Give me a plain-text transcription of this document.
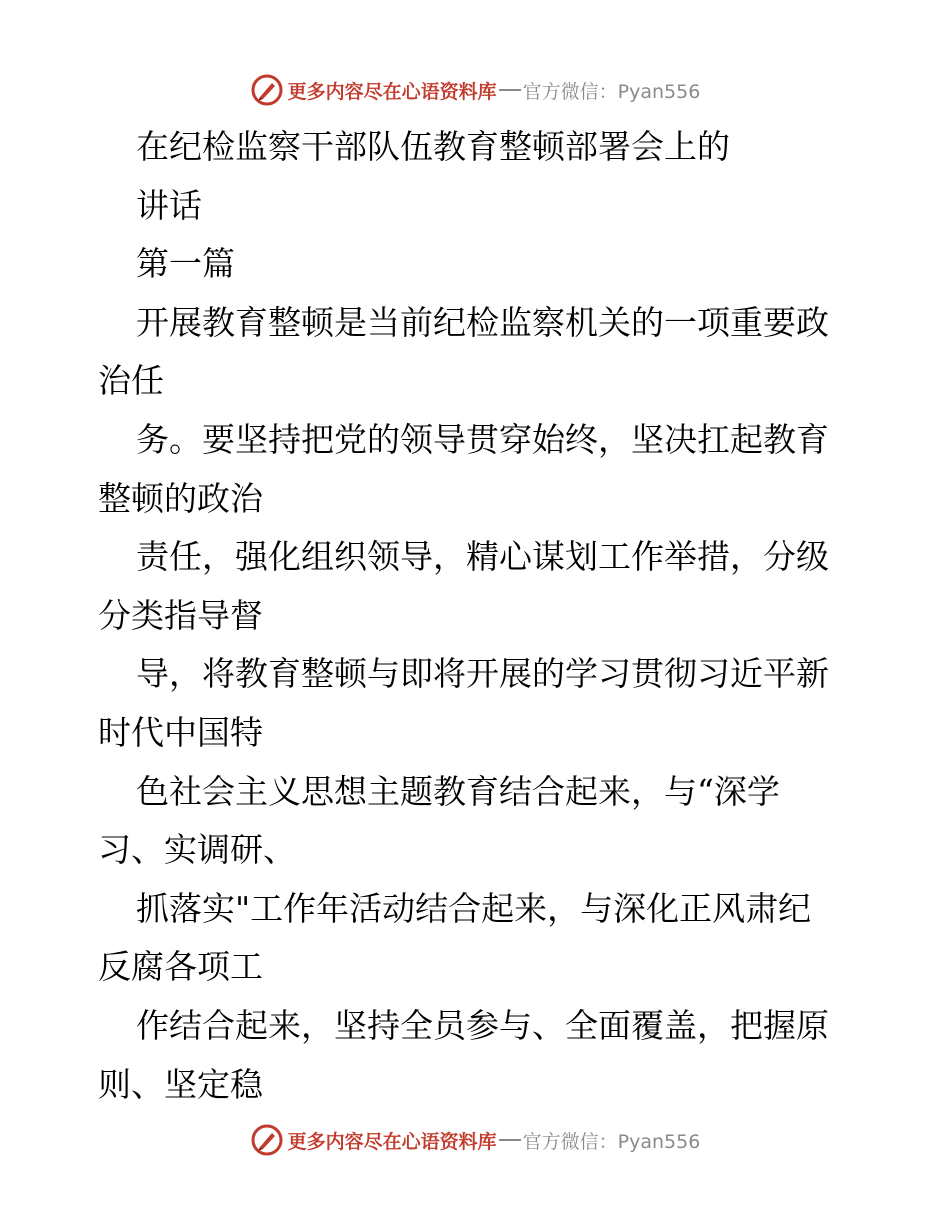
更多内容尽在心语资料库 官方微信：Pyan556
在纪检监察干部队伍教育整顿部署会上的
讲话
第一篇
开展教育整顿是当前纪检监察机关的一项重要政
治任
务。要坚持把党的领导贯穿始终，坚决扛起教育
整顿的政治
责任，强化组织领导，精心谋划工作举措，分级
分类指导督
导，将教育整顿与即将开展的学习贯彻习近平新
时代中国特
色社会主义思想主题教育结合起来，与“深学
习、实调研、
抓落实"工作年活动结合起来，与深化正风肃纪
反腐各项工
作结合起来，坚持全员参与、全面覆盖，把握原
则、坚定稳
更多内容尽在心语资料库 官方微信：Pyan556
